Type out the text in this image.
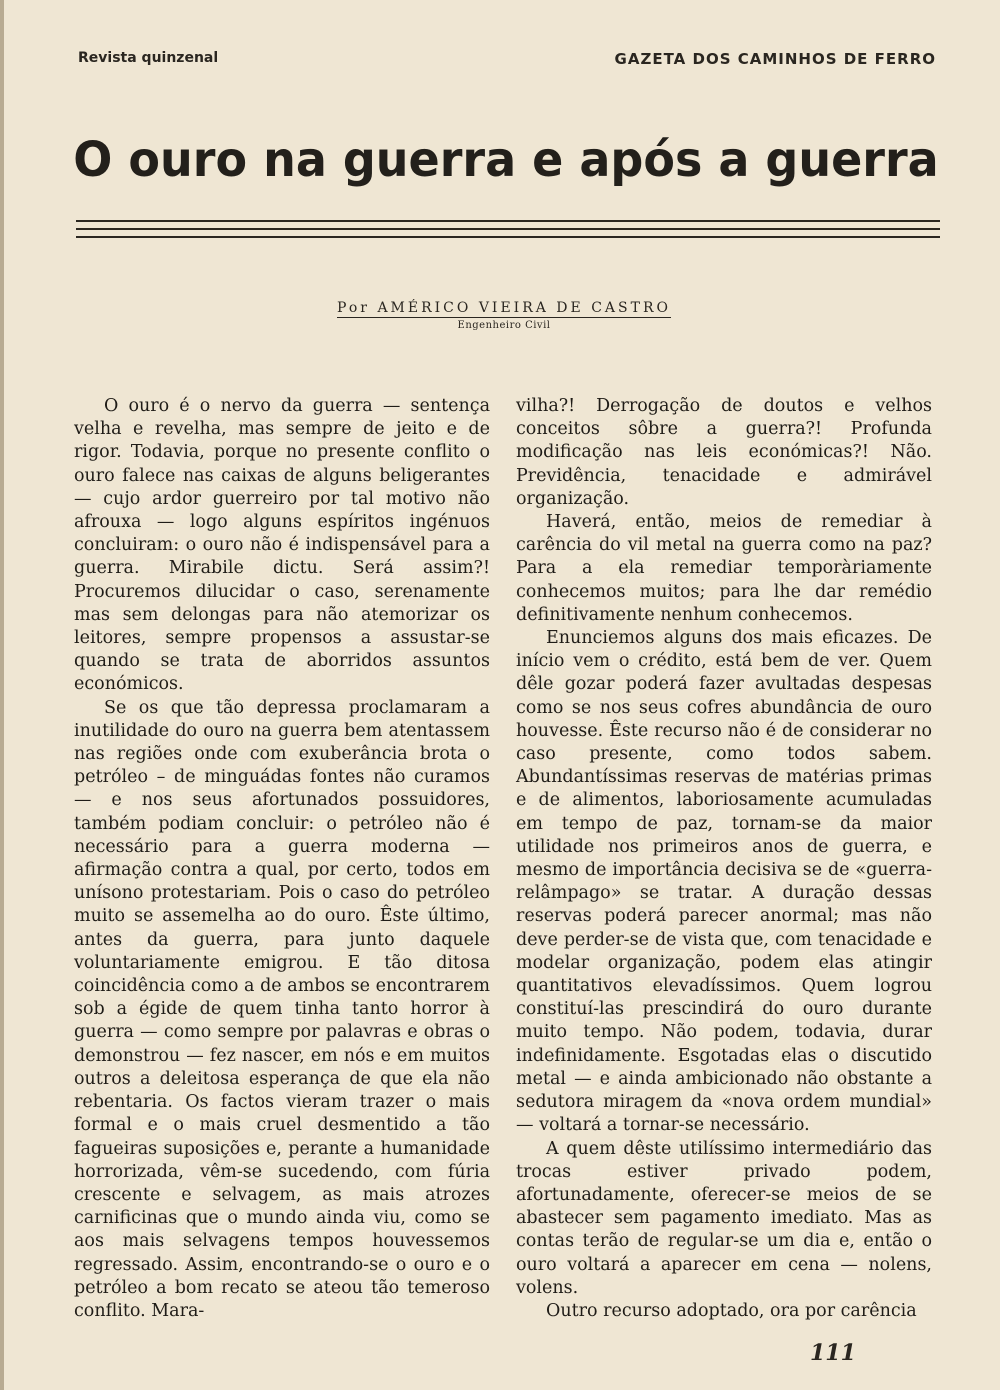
Revista quinzenal	GAZETA DOS CAMINHOS DE FERRO
O ouro na guerra e após a guerra
Por AMÉRICO VIEIRA DE CASTRO
Engenheiro Civil

O ouro é o nervo da guerra — sentença velha e revelha, mas sempre de jeito e de rigor. Todavia, porque no presente conflito o ouro falece nas caixas de alguns beligerantes — cujo ardor guerreiro por tal motivo não afrouxa — logo alguns espíritos ingénuos concluiram: o ouro não é indispensável para a guerra. Mirabile dictu. Será assim?! Procuremos dilucidar o caso, serenamente mas sem delongas para não atemorizar os leitores, sempre propensos a assustar-se quando se trata de aborridos assuntos económicos.

Se os que tão depressa proclamaram a inutilidade do ouro na guerra bem atentassem nas regiões onde com exuberância brota o petróleo – de minguádas fontes não curamos — e nos seus afortunados possuidores, também podiam concluir: o petróleo não é necessário para a guerra moderna — afirmação contra a qual, por certo, todos em unísono protestariam. Pois o caso do petróleo muito se assemelha ao do ouro. Êste último, antes da guerra, para junto daquele voluntariamente emigrou. E tão ditosa coincidência como a de ambos se encontrarem sob a égide de quem tinha tanto horror à guerra — como sempre por palavras e obras o demonstrou — fez nascer, em nós e em muitos outros a deleitosa esperança de que ela não rebentaria. Os factos vieram trazer o mais formal e o mais cruel desmentido a tão fagueiras suposições e, perante a humanidade horrorizada, vêm-se sucedendo, com fúria crescente e selvagem, as mais atrozes carnificinas que o mundo ainda viu, como se aos mais selvagens tempos houvessemos regressado. Assim, encontrando-se o ouro e o petróleo a bom recato se ateou tão temeroso conflito. Mara-

vilha?! Derrogação de doutos e velhos conceitos sôbre a guerra?! Profunda modificação nas leis económicas?! Não. Previdência, tenacidade e admirável organização.

Haverá, então, meios de remediar à carência do vil metal na guerra como na paz? Para a ela remediar temporàriamente conhecemos muitos; para lhe dar remédio definitivamente nenhum conhecemos.

Enunciemos alguns dos mais eficazes. De início vem o crédito, está bem de ver. Quem dêle gozar poderá fazer avultadas despesas como se nos seus cofres abundância de ouro houvesse. Êste recurso não é de considerar no caso presente, como todos sabem. Abundantíssimas reservas de matérias primas e de alimentos, laboriosamente acumuladas em tempo de paz, tornam-se da maior utilidade nos primeiros anos de guerra, e mesmo de importância decisiva se de «guerra-relâmpago» se tratar. A duração dessas reservas poderá parecer anormal; mas não deve perder-se de vista que, com tenacidade e modelar organização, podem elas atingir quantitativos elevadíssimos. Quem logrou constituí-las prescindirá do ouro durante muito tempo. Não podem, todavia, durar indefinidamente. Esgotadas elas o discutido metal — e ainda ambicionado não obstante a sedutora miragem da «nova ordem mundial» — voltará a tornar-se necessário.

A quem dêste utilíssimo intermediário das trocas estiver privado podem, afortunadamente, oferecer-se meios de se abastecer sem pagamento imediato. Mas as contas terão de regular-se um dia e, então o ouro voltará a aparecer em cena — nolens, volens.

Outro recurso adoptado, ora por carência

111
